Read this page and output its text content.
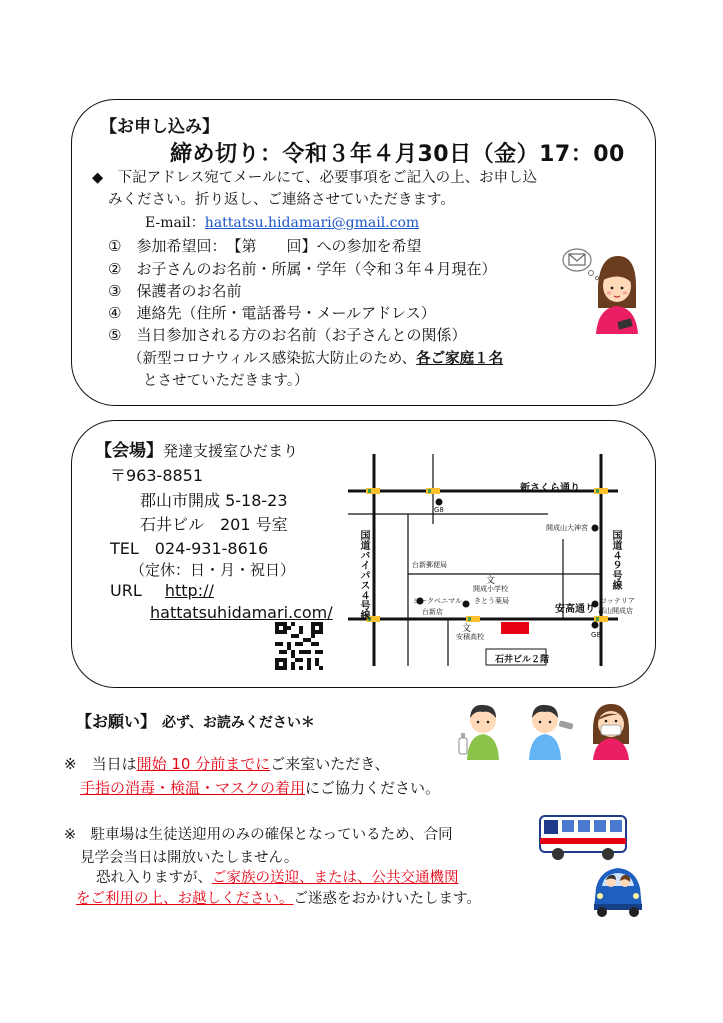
【お申し込み】
締め切り：令和３年４月30日（金）17：00
◆　下記アドレス宛てメールにて、必要事項をご記入の上、お申し込
みください。折り返し、ご連絡させていただきます。
E-mail：hattatsu.hidamari@gmail.com
①　参加希望回：　【第　　回】への参加を希望
②　お子さんのお名前・所属・学年（令和３年４月現在）
③　保護者のお名前
④　連絡先（住所・電話番号・メールアドレス）
⑤　当日参加される方のお名前（お子さんとの関係）
（新型コロナウィルス感染拡大防止のため、各ご家庭１名
とさせていただきます。）
【会場】発達支援室ひだまり
〒963-8851
郡山市開成 5-18-23
石井ビル　201 号室
TEL　024-931-8616
（定休：日・月・祝日）
URL http://
hattatsuhidamari.com/
新さくら通り
安高通り
国道バイパス４号線	国道４９号線
G8
G8
開成山大神宮
台新郵便局
文
開成小学校
ヨークベニマル
台新店
きとう薬局
文
安積高校
ロッテリア
郡山開成店
石井ビル２階
【お願い】 必ず、お読みください＊
※　当日は開始 10 分前までにご来室いただき、
手指の消毒・検温・マスクの着用にご協力ください。
※　駐車場は生徒送迎用のみの確保となっているため、合同
見学会当日は開放いたしません。
恐れ入りますが、ご家族の送迎、または、公共交通機関
をご利用の上、お越しください。ご迷惑をおかけいたします。
